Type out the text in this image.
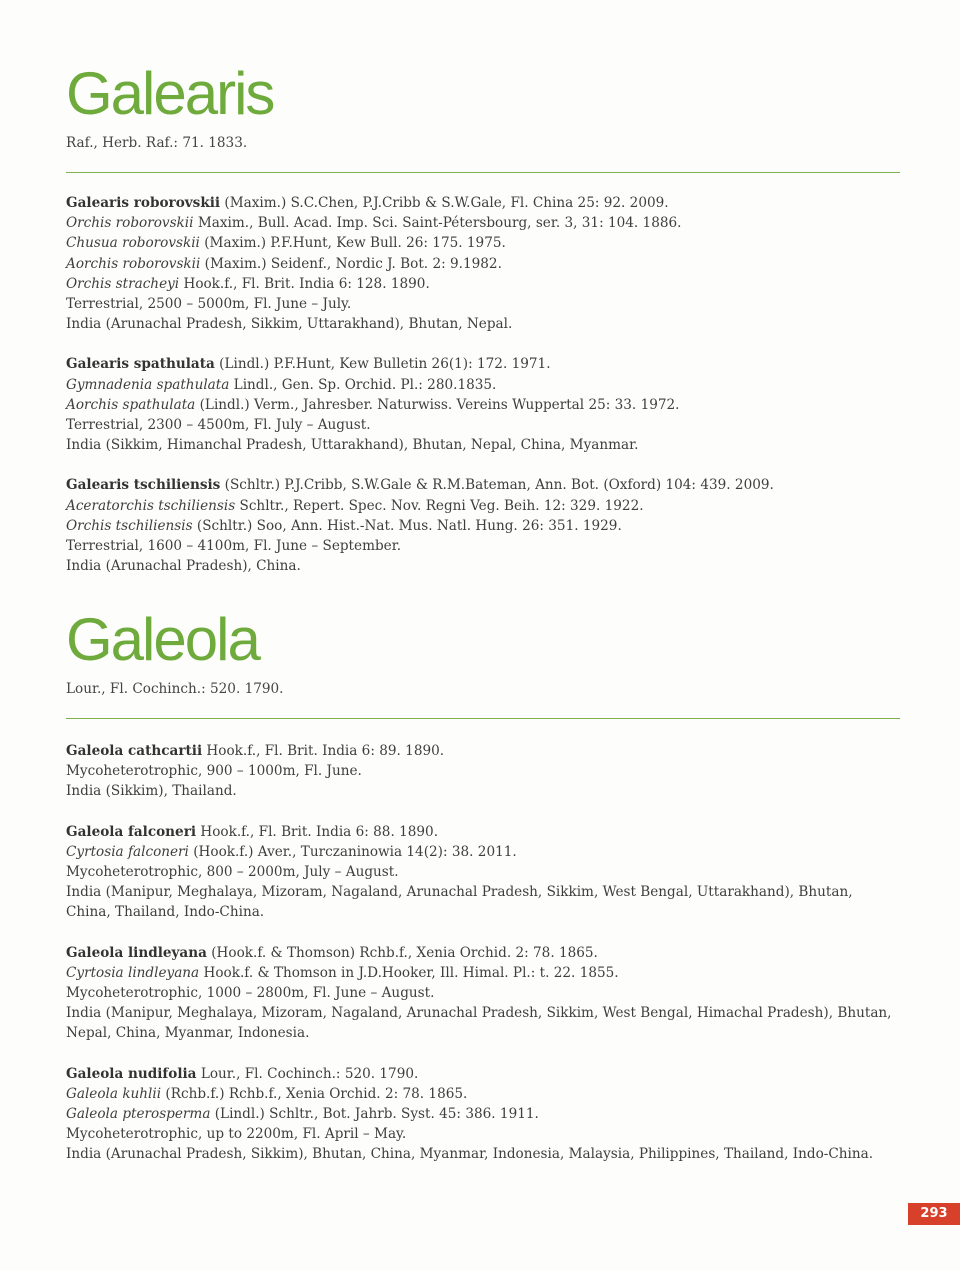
Galearis
Raf., Herb. Raf.: 71. 1833.
Galearis roborovskii (Maxim.) S.C.Chen, P.J.Cribb & S.W.Gale, Fl. China 25: 92. 2009.
Orchis roborovskii Maxim., Bull. Acad. Imp. Sci. Saint-Pétersbourg, ser. 3, 31: 104. 1886.
Chusua roborovskii (Maxim.) P.F.Hunt, Kew Bull. 26: 175. 1975.
Aorchis roborovskii (Maxim.) Seidenf., Nordic J. Bot. 2: 9.1982.
Orchis stracheyi Hook.f., Fl. Brit. India 6: 128. 1890.
Terrestrial, 2500 – 5000m, Fl. June – July.
India (Arunachal Pradesh, Sikkim, Uttarakhand), Bhutan, Nepal.
Galearis spathulata (Lindl.) P.F.Hunt, Kew Bulletin 26(1): 172. 1971.
Gymnadenia spathulata Lindl., Gen. Sp. Orchid. Pl.: 280.1835.
Aorchis spathulata (Lindl.) Verm., Jahresber. Naturwiss. Vereins Wuppertal 25: 33. 1972.
Terrestrial, 2300 – 4500m, Fl. July – August.
India (Sikkim, Himanchal Pradesh, Uttarakhand), Bhutan, Nepal, China, Myanmar.
Galearis tschiliensis (Schltr.) P.J.Cribb, S.W.Gale & R.M.Bateman, Ann. Bot. (Oxford) 104: 439. 2009.
Aceratorchis tschiliensis Schltr., Repert. Spec. Nov. Regni Veg. Beih. 12: 329. 1922.
Orchis tschiliensis (Schltr.) Soo, Ann. Hist.-Nat. Mus. Natl. Hung. 26: 351. 1929.
Terrestrial, 1600 – 4100m, Fl. June – September.
India (Arunachal Pradesh), China.
Galeola
Lour., Fl. Cochinch.: 520. 1790.
Galeola cathcartii Hook.f., Fl. Brit. India 6: 89. 1890.
Mycoheterotrophic, 900 – 1000m, Fl. June.
India (Sikkim), Thailand.
Galeola falconeri Hook.f., Fl. Brit. India 6: 88. 1890.
Cyrtosia falconeri (Hook.f.) Aver., Turczaninowia 14(2): 38. 2011.
Mycoheterotrophic, 800 – 2000m, July – August.
India (Manipur, Meghalaya, Mizoram, Nagaland, Arunachal Pradesh, Sikkim, West Bengal, Uttarakhand), Bhutan, China, Thailand, Indo-China.
Galeola lindleyana (Hook.f. & Thomson) Rchb.f., Xenia Orchid. 2: 78. 1865.
Cyrtosia lindleyana Hook.f. & Thomson in J.D.Hooker, Ill. Himal. Pl.: t. 22. 1855.
Mycoheterotrophic, 1000 – 2800m, Fl. June – August.
India (Manipur, Meghalaya, Mizoram, Nagaland, Arunachal Pradesh, Sikkim, West Bengal, Himachal Pradesh), Bhutan, Nepal, China, Myanmar, Indonesia.
Galeola nudifolia Lour., Fl. Cochinch.: 520. 1790.
Galeola kuhlii (Rchb.f.) Rchb.f., Xenia Orchid. 2: 78. 1865.
Galeola pterosperma (Lindl.) Schltr., Bot. Jahrb. Syst. 45: 386. 1911.
Mycoheterotrophic, up to 2200m, Fl. April – May.
India (Arunachal Pradesh, Sikkim), Bhutan, China, Myanmar, Indonesia, Malaysia, Philippines, Thailand, Indo-China.
293
